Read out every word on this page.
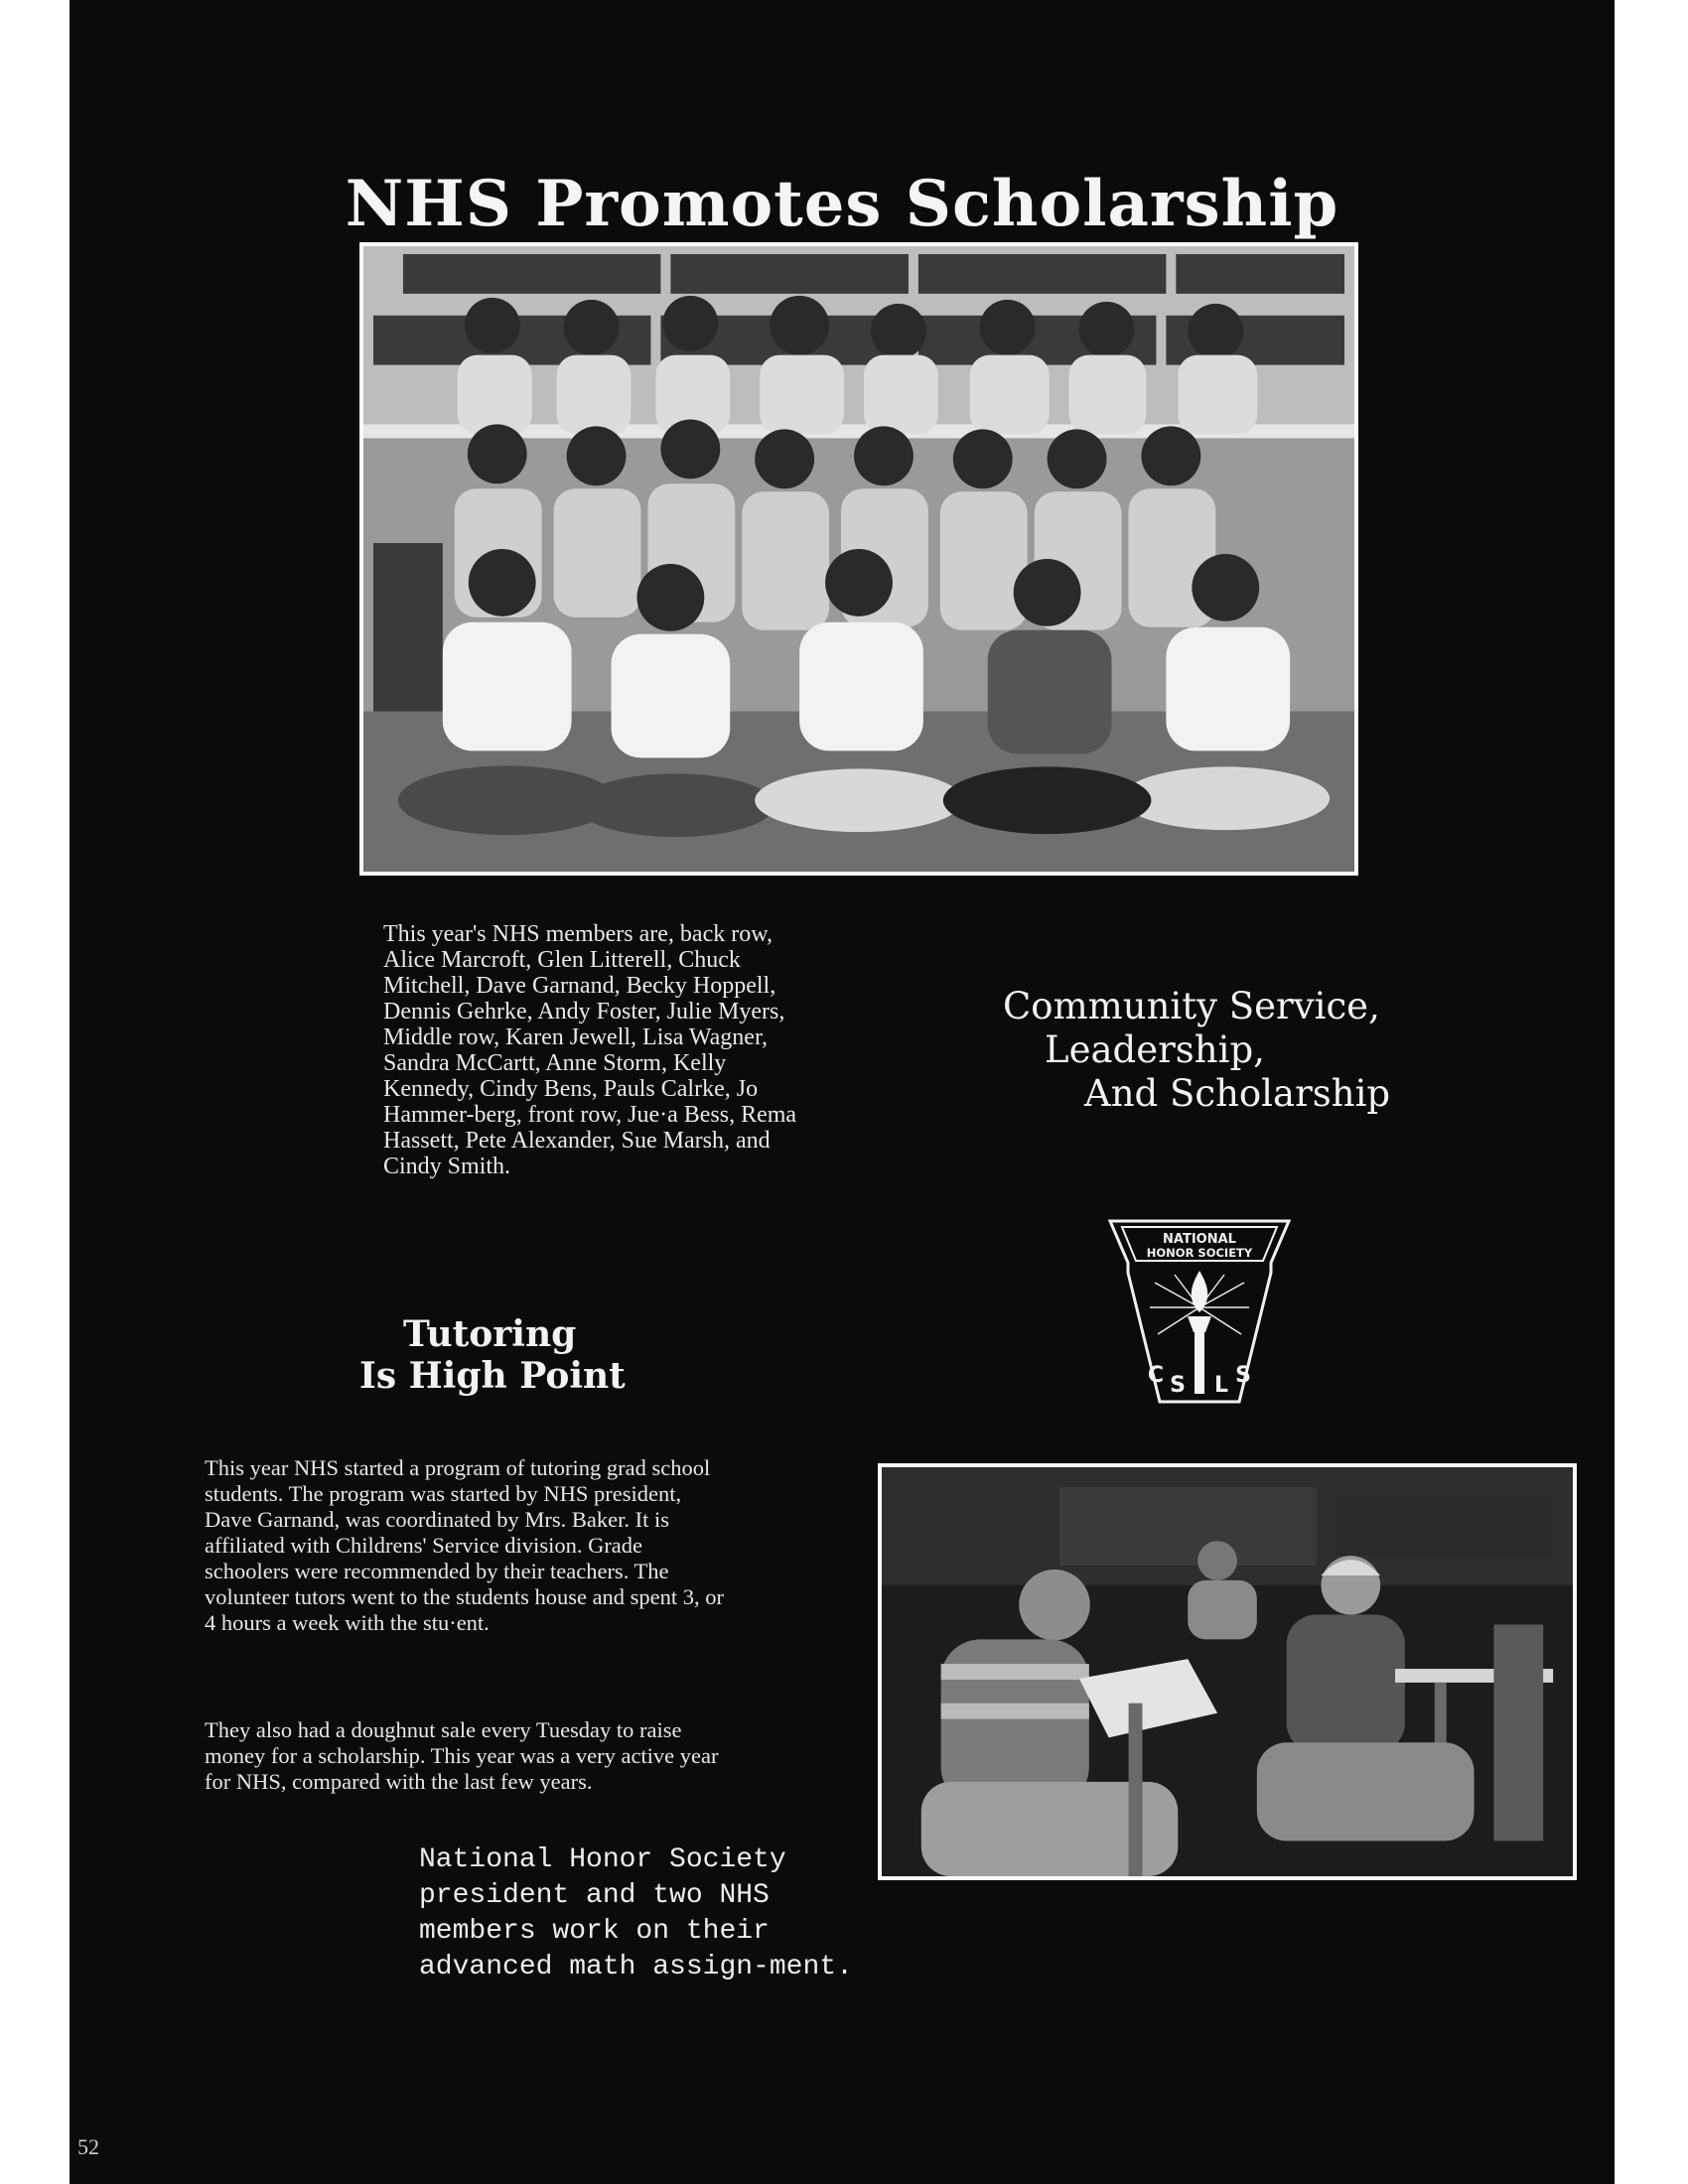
NHS Promotes Scholarship

This year's NHS members are, back row, Alice Marcroft, Glen Litterell, Chuck Mitchell, Dave Garnand, Becky Hoppell, Dennis Gehrke, Andy Foster, Julie Myers, Middle row, Karen Jewell, Lisa Wagner, Sandra McCartt, Anne Storm, Kelly Kennedy, Cindy Bens, Pauls Calrke, Jo Hammer-berg, front row, Jue·a Bess, Rema Hassett, Pete Alexander, Sue Marsh, and Cindy Smith.

Community Service,
Leadership,
And Scholarship
NATIONAL
HONOR SOCIETY
C S L S
Tutoring
Is High Point

This year NHS started a program of tutoring grad school students. The program was started by NHS president, Dave Garnand, was coordinated by Mrs. Baker. It is affiliated with Childrens' Service division. Grade schoolers were recommended by their teachers. The volunteer tutors went to the students house and spent 3, or 4 hours a week with the stu·ent.

They also had a doughnut sale every Tuesday to raise money for a scholarship. This year was a very active year for NHS, compared with the last few years.

National Honor Society president and two NHS members work on their advanced math assign-ment.

52
